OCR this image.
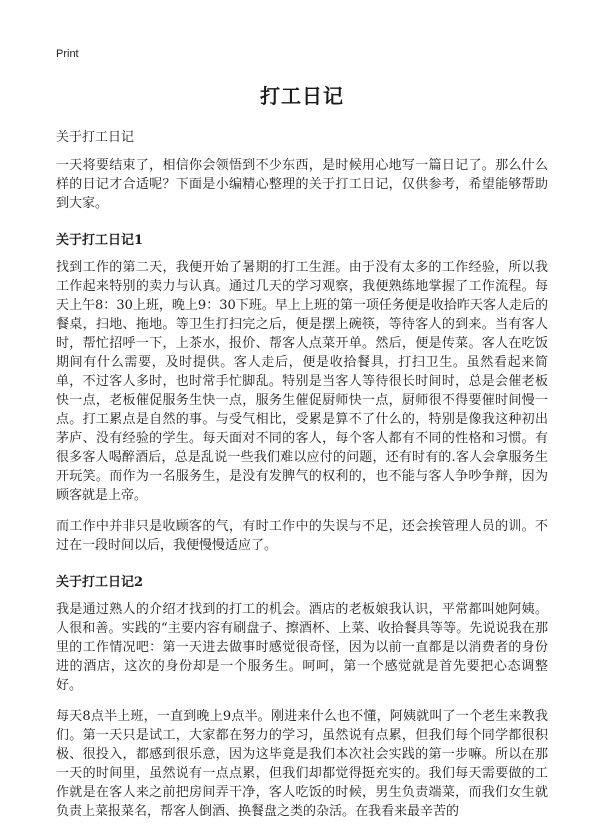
Print
打工日记
关于打工日记

一天将要结束了，相信你会领悟到不少东西，是时候用心地写一篇日记了。那么什么样的日记才合适呢？下面是小编精心整理的关于打工日记，仅供参考，希望能够帮助到大家。

关于打工日记1

找到工作的第二天，我便开始了暑期的打工生涯。由于没有太多的工作经验，所以我工作起来特别的卖力与认真。通过几天的学习观察，我便熟练地掌握了工作流程。每天上午8：30上班，晚上9：30下班。早上上班的第一项任务便是收拾昨天客人走后的餐桌，扫地、拖地。等卫生打扫完之后，便是摆上碗筷，等待客人的到来。当有客人时，帮忙招呼一下，上茶水，报价、帮客人点菜开单。然后，便是传菜。客人在吃饭期间有什么需要，及时提供。客人走后，便是收拾餐具，打扫卫生。虽然看起来简单，不过客人多时，也时常手忙脚乱。特别是当客人等待很长时间时，总是会催老板快一点，老板催促服务生快一点，服务生催促厨师快一点，厨师很不得要催时间慢一点。打工累点是自然的事。与受气相比，受累是算不了什么的，特别是像我这种初出茅庐、没有经验的学生。每天面对不同的客人，每个客人都有不同的性格和习惯。有很多客人喝醉酒后，总是乱说一些我们难以应付的问题，还有时有的.客人会拿服务生开玩笑。而作为一名服务生，是没有发脾气的权利的，也不能与客人争吵争辩，因为顾客就是上帝。

而工作中并非只是收顾客的气，有时工作中的失误与不足，还会挨管理人员的训。不过在一段时间以后，我便慢慢适应了。

关于打工日记2

我是通过熟人的介绍才找到的打工的机会。酒店的老板娘我认识，平常都叫她阿姨。人很和善。实践的“主要内容有刷盘子、擦酒杯、上菜、收拾餐具等等。先说说我在那里的工作情况吧：第一天进去做事时感觉很奇怪，因为以前一直都是以消费者的身份进的酒店，这次的身份却是一个服务生。呵呵，第一个感觉就是首先要把心态调整好。

每天8点半上班，一直到晚上9点半。刚进来什么也不懂，阿姨就叫了一个老生来教我们。第一天只是试工，大家都在努力的学习，虽然说有点累，但我们每个同学都很积极、很投入，都感到很乐意，因为这毕竟是我们本次社会实践的第一步嘛。所以在那一天的时间里，虽然说有一点点累，但我们却都觉得挺充实的。我们每天需要做的工作就是在客人来之前把房间弄干净，客人吃饭的时候，男生负责端菜，而我们女生就负责上菜报菜名，帮客人倒酒、换餐盘之类的杂活。在我看来最辛苦的
